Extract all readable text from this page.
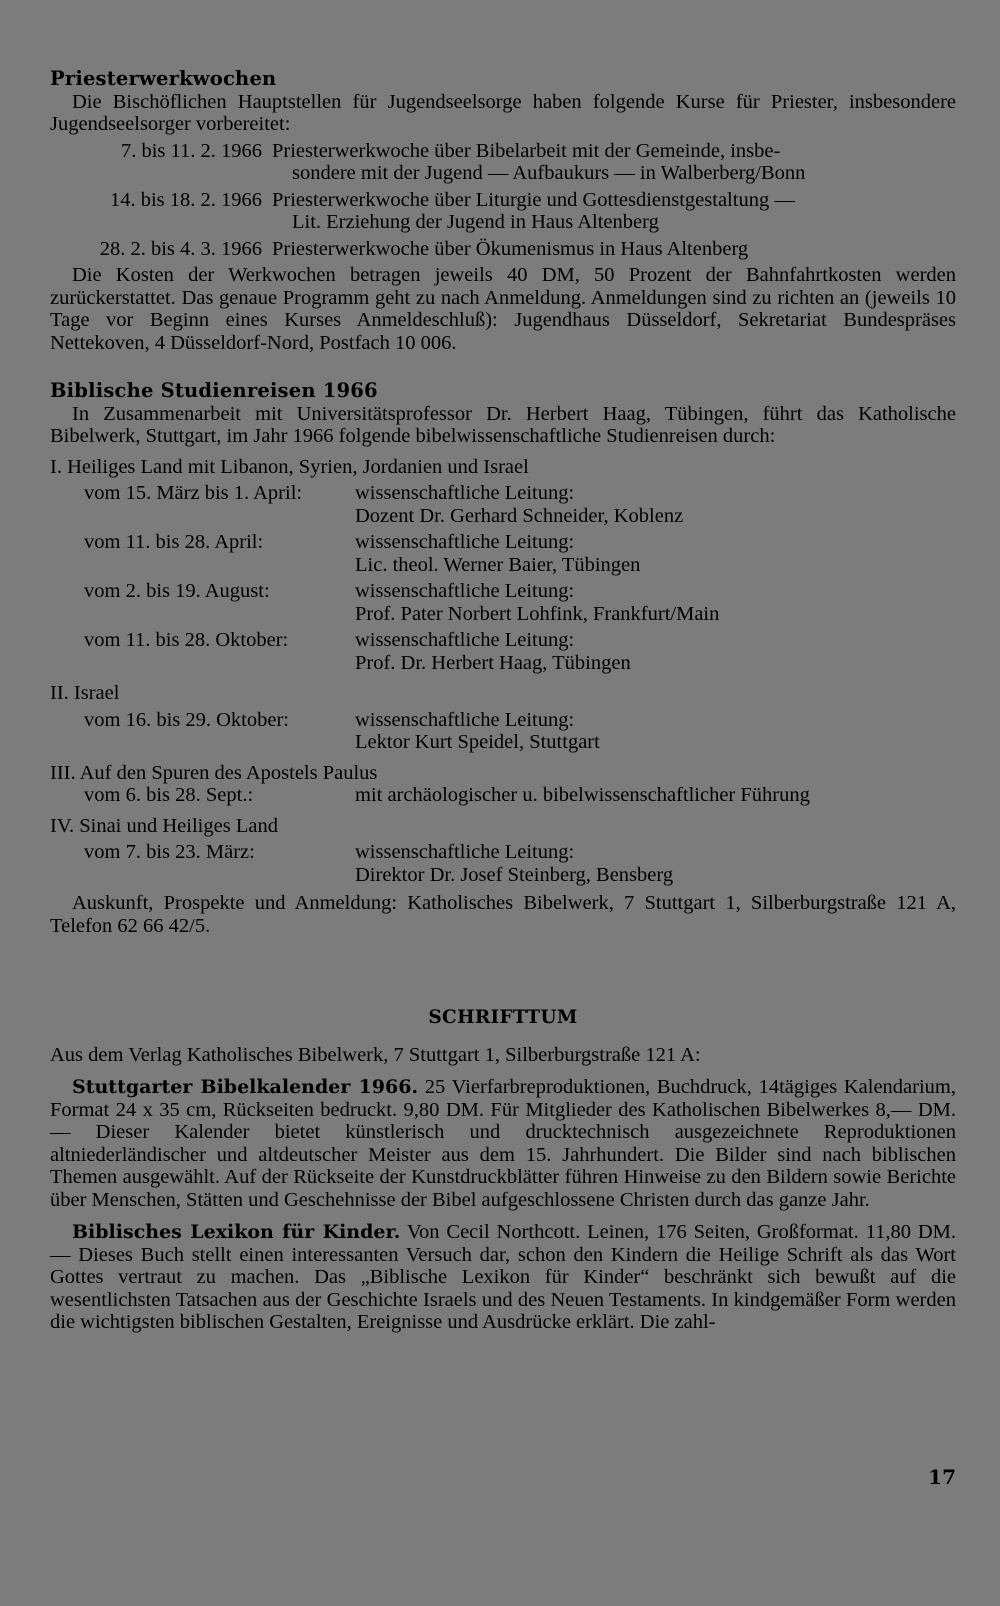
Priesterwerkwochen

Die Bischöflichen Hauptstellen für Jugendseelsorge haben folgende Kurse für Priester, insbesondere Jugendseelsorger vorbereitet:

7. bis 11. 2. 1966 Priesterwerkwoche über Bibelarbeit mit der Gemeinde, insbe-
sondere mit der Jugend — Aufbaukurs — in Walberberg/Bonn
14. bis 18. 2. 1966 Priesterwerkwoche über Liturgie und Gottesdienstgestaltung —
Lit. Erziehung der Jugend in Haus Altenberg
28. 2. bis 4. 3. 1966 Priesterwerkwoche über Ökumenismus in Haus Altenberg

Die Kosten der Werkwochen betragen jeweils 40 DM, 50 Prozent der Bahnfahrtkosten werden zurückerstattet. Das genaue Programm geht zu nach Anmeldung. Anmeldungen sind zu richten an (jeweils 10 Tage vor Beginn eines Kurses Anmeldeschluß): Jugendhaus Düsseldorf, Sekretariat Bundespräses Nettekoven, 4 Düsseldorf-Nord, Postfach 10 006.

Biblische Studienreisen 1966

In Zusammenarbeit mit Universitätsprofessor Dr. Herbert Haag, Tübingen, führt das Katholische Bibelwerk, Stuttgart, im Jahr 1966 folgende bibelwissenschaftliche Studienreisen durch:

I. Heiliges Land mit Libanon, Syrien, Jordanien und Israel
vom 15. März bis 1. April:	wissenschaftliche Leitung:
Dozent Dr. Gerhard Schneider, Koblenz
vom 11. bis 28. April:	wissenschaftliche Leitung:
Lic. theol. Werner Baier, Tübingen
vom 2. bis 19. August:	wissenschaftliche Leitung:
Prof. Pater Norbert Lohfink, Frankfurt/Main
vom 11. bis 28. Oktober:	wissenschaftliche Leitung:
Prof. Dr. Herbert Haag, Tübingen
II. Israel
vom 16. bis 29. Oktober:	wissenschaftliche Leitung:
Lektor Kurt Speidel, Stuttgart
III. Auf den Spuren des Apostels Paulus
vom 6. bis 28. Sept.:	mit archäologischer u. bibelwissenschaftlicher Führung
IV. Sinai und Heiliges Land
vom 7. bis 23. März:	wissenschaftliche Leitung:
Direktor Dr. Josef Steinberg, Bensberg

Auskunft, Prospekte und Anmeldung: Katholisches Bibelwerk, 7 Stuttgart 1, Silberburgstraße 121 A, Telefon 62 66 42/5.

SCHRIFTTUM

Aus dem Verlag Katholisches Bibelwerk, 7 Stuttgart 1, Silberburgstraße 121 A:

Stuttgarter Bibelkalender 1966. 25 Vierfarbreproduktionen, Buchdruck, 14tägiges Kalendarium, Format 24 x 35 cm, Rückseiten bedruckt. 9,80 DM. Für Mitglieder des Katholischen Bibelwerkes 8,— DM. — Dieser Kalender bietet künstlerisch und drucktechnisch ausgezeichnete Reproduktionen altniederländischer und altdeutscher Meister aus dem 15. Jahrhundert. Die Bilder sind nach biblischen Themen ausgewählt. Auf der Rückseite der Kunstdruckblätter führen Hinweise zu den Bildern sowie Berichte über Menschen, Stätten und Geschehnisse der Bibel aufgeschlossene Christen durch das ganze Jahr.

Biblisches Lexikon für Kinder. Von Cecil Northcott. Leinen, 176 Seiten, Großformat. 11,80 DM. — Dieses Buch stellt einen interessanten Versuch dar, schon den Kindern die Heilige Schrift als das Wort Gottes vertraut zu machen. Das „Biblische Lexikon für Kinder“ beschränkt sich bewußt auf die wesentlichsten Tatsachen aus der Geschichte Israels und des Neuen Testaments. In kindgemäßer Form werden die wichtigsten biblischen Gestalten, Ereignisse und Ausdrücke erklärt. Die zahl-

17
